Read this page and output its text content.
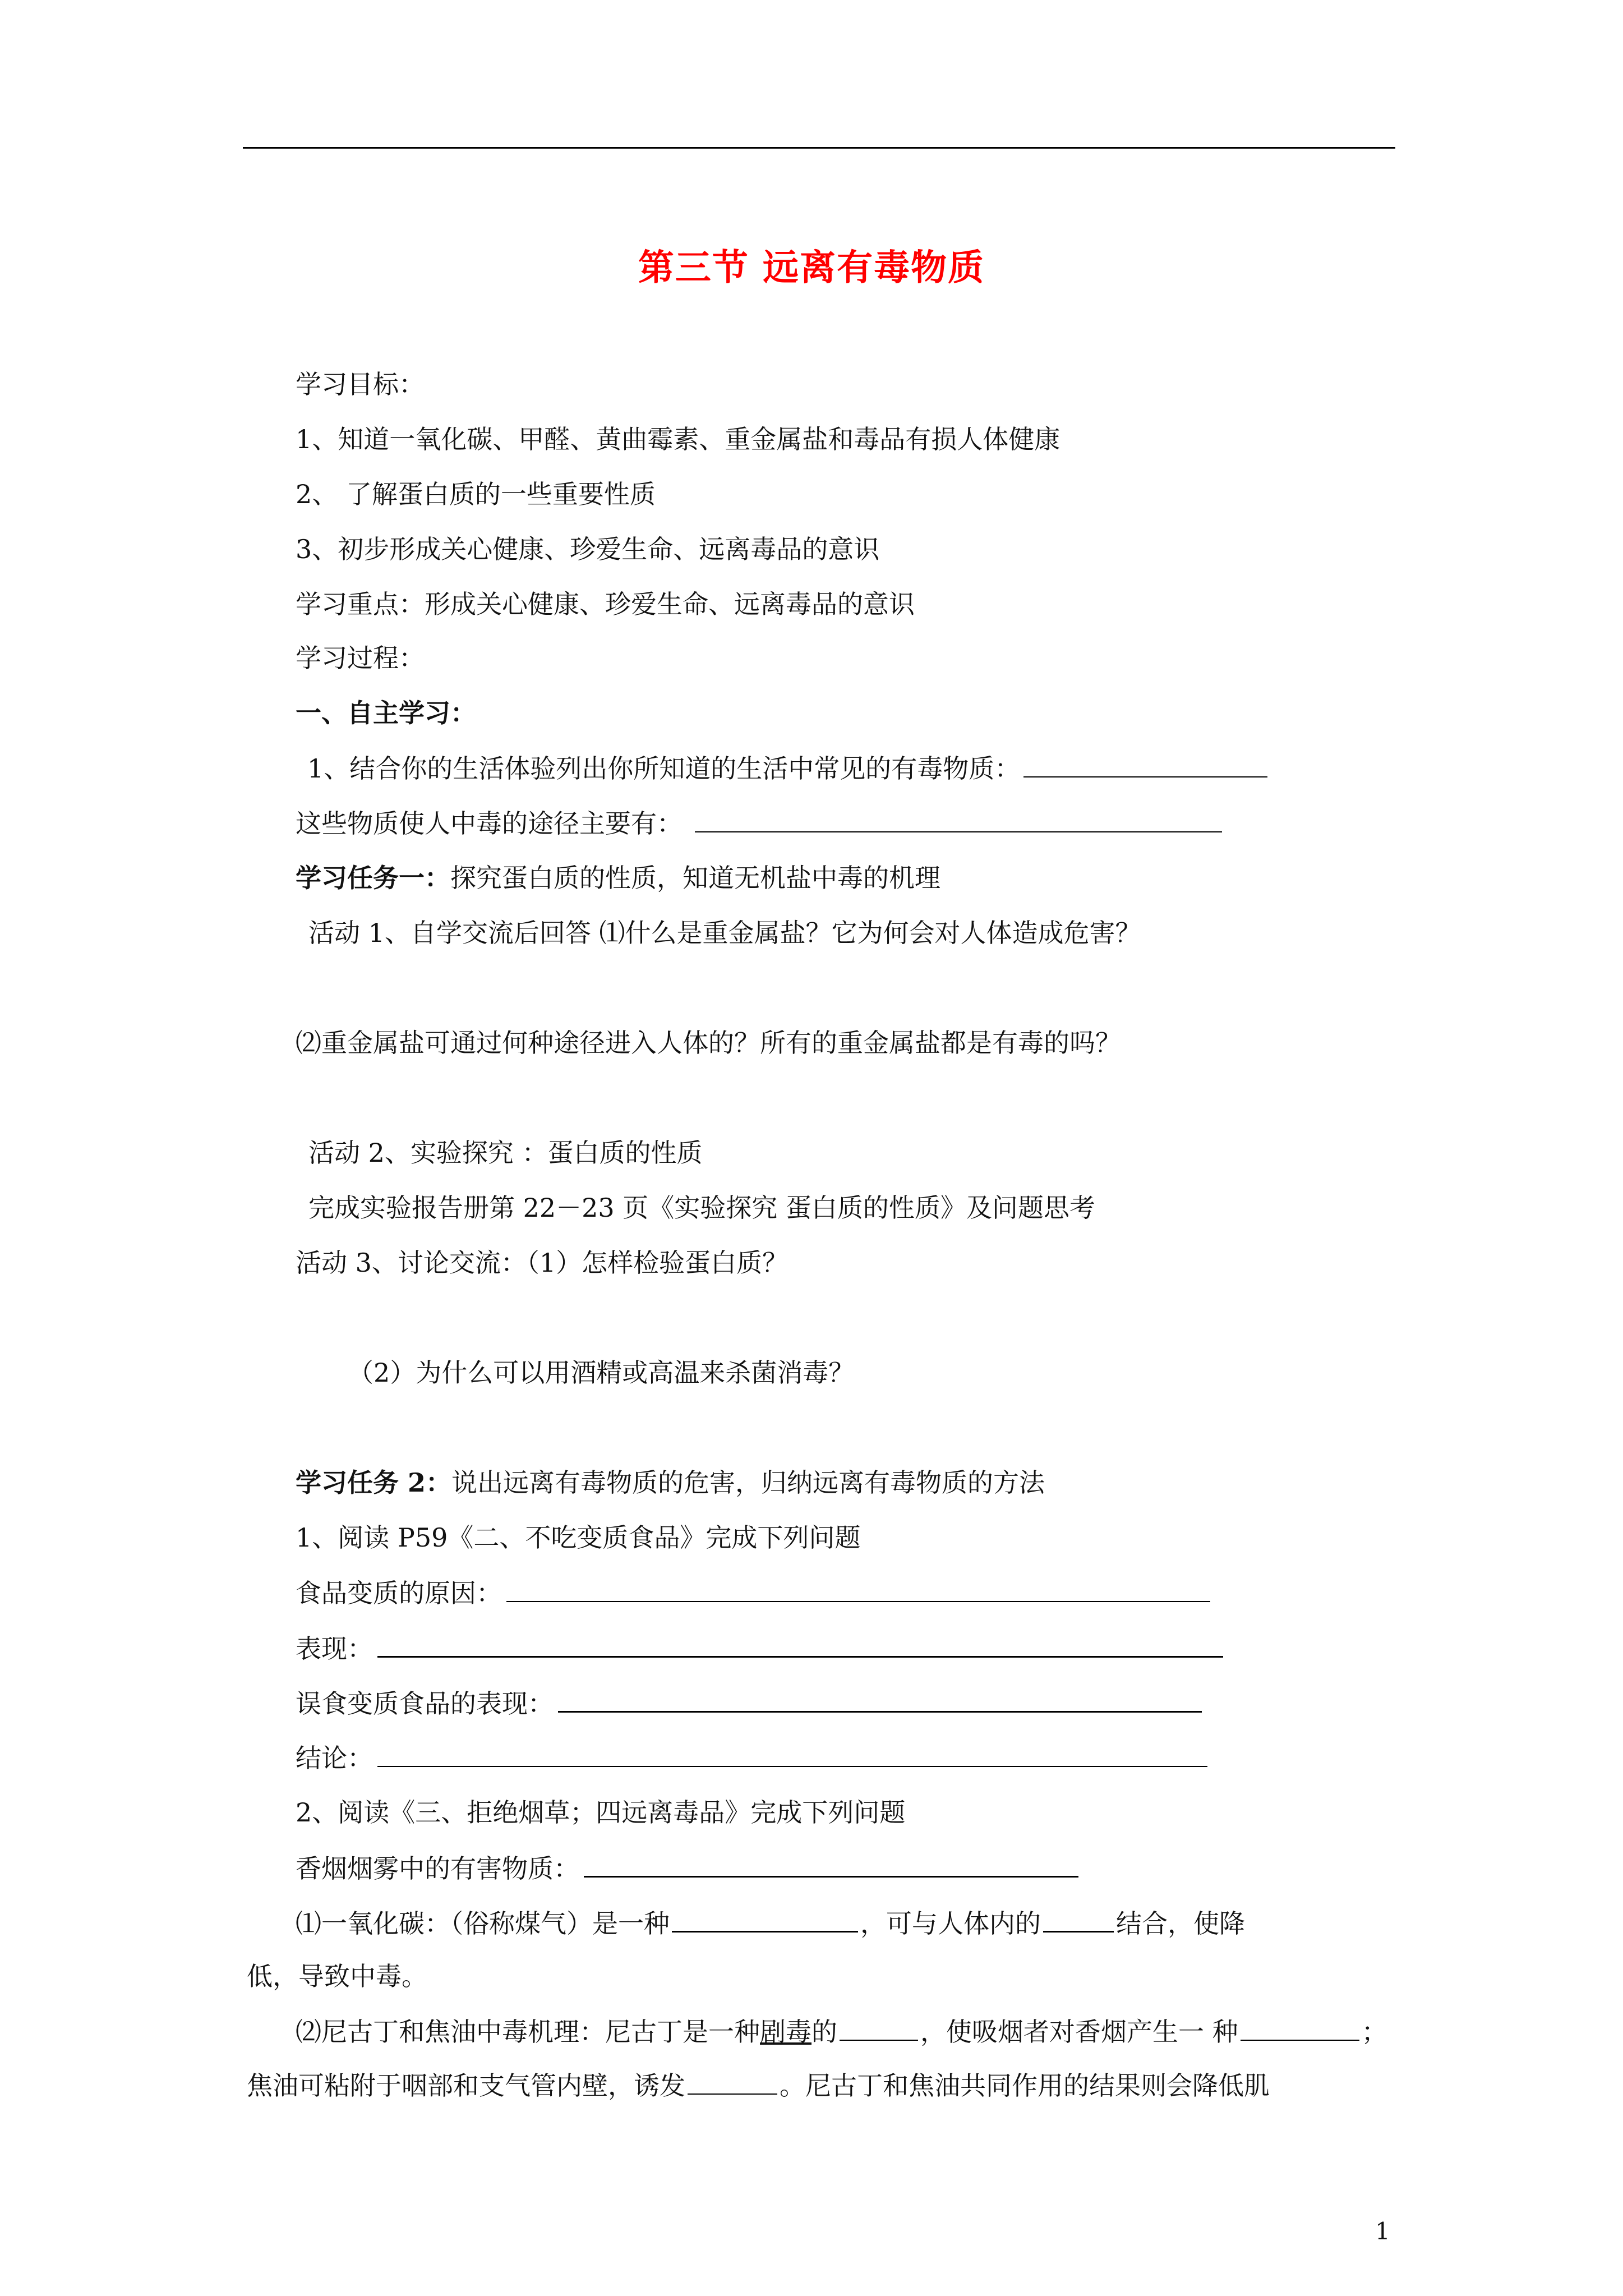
第三节 远离有毒物质
学习目标：
1、知道一氧化碳、甲醛、黄曲霉素、重金属盐和毒品有损人体健康
2、 了解蛋白质的一些重要性质
3、初步形成关心健康、珍爱生命、远离毒品的意识
学习重点：形成关心健康、珍爱生命、远离毒品的意识
学习过程：
一、自主学习：
1、结合你的生活体验列出你所知道的生活中常见的有毒物质：
这些物质使人中毒的途径主要有：
学习任务一：探究蛋白质的性质，知道无机盐中毒的机理
活动 1、自学交流后回答 ⑴什么是重金属盐？它为何会对人体造成危害？
⑵重金属盐可通过何种途径进入人体的？所有的重金属盐都是有毒的吗？
活动 2、实验探究 ：蛋白质的性质
完成实验报告册第 22－23 页《实验探究 蛋白质的性质》及问题思考
活动 3、讨论交流：（1）怎样检验蛋白质？
（2）为什么可以用酒精或高温来杀菌消毒？
学习任务 2：说出远离有毒物质的危害，归纳远离有毒物质的方法
1、阅读 P59《二、不吃变质食品》完成下列问题
食品变质的原因：
表现：
误食变质食品的表现：
结论：
2、阅读《三、拒绝烟草；四远离毒品》完成下列问题
香烟烟雾中的有害物质：
⑴一氧化碳：（俗称煤气）是一种	，可与人体内的	结合，使降
低，导致中毒。
⑵尼古丁和焦油中毒机理：尼古丁是一种剧毒的	，使吸烟者对香烟产生一 种	；
焦油可粘附于咽部和支气管内壁，诱发	。尼古丁和焦油共同作用的结果则会降低肌
1
